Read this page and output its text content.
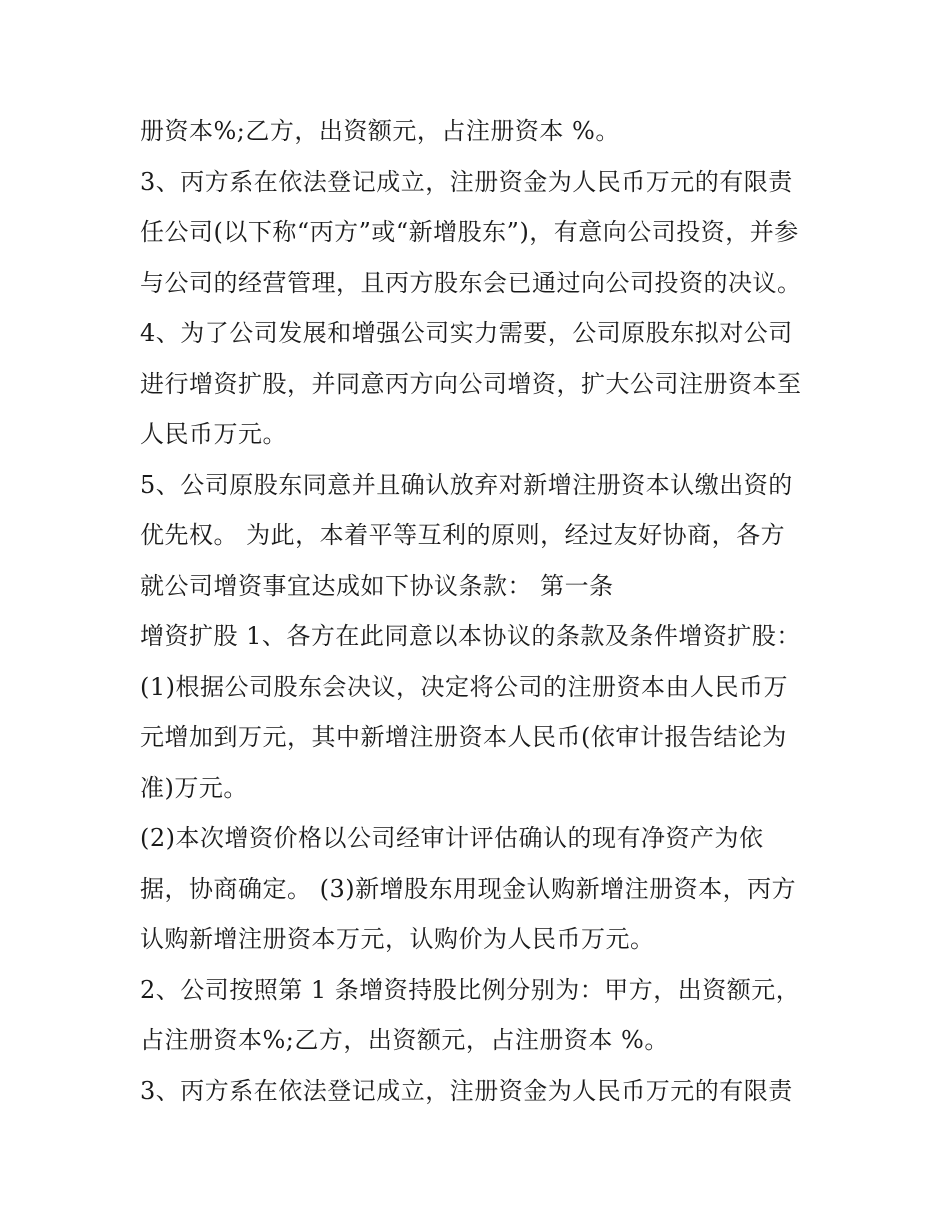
册资本%;乙方，出资额元，占注册资本 %。
3、丙方系在依法登记成立，注册资金为人民币万元的有限责
任公司(以下称“丙方”或“新增股东”)，有意向公司投资，并参
与公司的经营管理，且丙方股东会已通过向公司投资的决议。
4、为了公司发展和增强公司实力需要，公司原股东拟对公司
进行增资扩股，并同意丙方向公司增资，扩大公司注册资本至
人民币万元。
5、公司原股东同意并且确认放弃对新增注册资本认缴出资的
优先权。 为此，本着平等互利的原则，经过友好协商，各方
就公司增资事宜达成如下协议条款： 第一条
增资扩股 1、各方在此同意以本协议的条款及条件增资扩股：
(1)根据公司股东会决议，决定将公司的注册资本由人民币万
元增加到万元，其中新增注册资本人民币(依审计报告结论为
准)万元。
(2)本次增资价格以公司经审计评估确认的现有净资产为依
据，协商确定。 (3)新增股东用现金认购新增注册资本，丙方
认购新增注册资本万元，认购价为人民币万元。
2、公司按照第 1 条增资持股比例分别为：甲方，出资额元，
占注册资本%;乙方，出资额元，占注册资本 %。
3、丙方系在依法登记成立，注册资金为人民币万元的有限责
